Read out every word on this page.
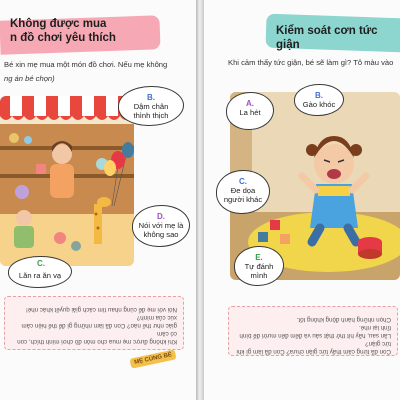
Không được mua
n đồ chơi yêu thích
Bé xin mẹ mua một món đồ chơi. Nếu mẹ không
ng án bé chọn)
B.
Dậm chân
thình thịch
D.
Nói với mẹ là
không sao
C.
Lăn ra ăn vạ
Khi không được mẹ mua cho món đồ chơi mình thích, con có cảm
giác như thế nào? Con đã làm những gì để thể hiện cảm xúc của mình?
Nói với mẹ để cùng nhau tìm cách giải quyết khác nhé!
MẸ CÙNG BÉ
Kiểm soát cơn tức giận
Khi cảm thấy tức giận, bé sẽ làm gì? Tô màu vào
A.
La hét
B.
Gào khóc
C.
Đe dọa
người khác
E.
Tự đánh
mình
Con đã từng cảm thấy tức giận chưa? Con đã làm gì khi tức giận?
Lần sau, hãy hít thở thật sâu và đếm đến mười để bình tĩnh lại nhé.
Chọn những hành động không tốt.
